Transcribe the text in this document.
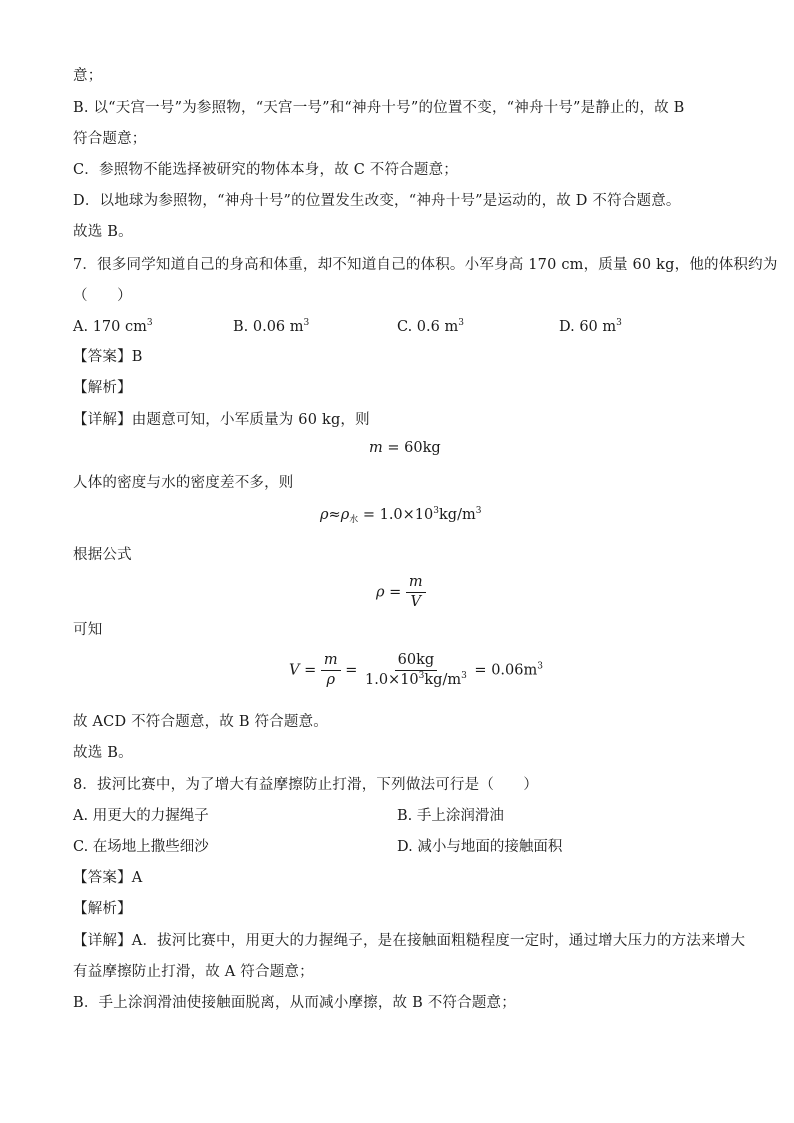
意；
B. 以“天宫一号”为参照物，“天宫一号”和“神舟十号”的位置不变，“神舟十号”是静止的，故 B
符合题意；
C．参照物不能选择被研究的物体本身，故 C 不符合题意；
D．以地球为参照物，“神舟十号”的位置发生改变，“神舟十号”是运动的，故 D 不符合题意。
故选 B。
7．很多同学知道自己的身高和体重，却不知道自己的体积。小军身高 170 cm，质量 60 kg，他的体积约为
（　　）
A. 170 $cm^3$	B. 0.06 $m^3$	C. 0.6 $m^3$	D. 60 $m^3$
【答案】B
【解析】
【详解】由题意可知，小军质量为 60 kg，则
m = 60kg
人体的密度与水的密度差不多，则
$\rho\approx\rho_水 = 1.0\times 10^3kg/m^3$
根据公式
$\rho = \frac{m}{V}$
可知
$V = \frac{m}{\rho} = \frac{60kg}{1.0\times 10^3kg/m^3} = 0.06m^3$
故 ACD 不符合题意，故 B 符合题意。
故选 B。
8．拔河比赛中，为了增大有益摩擦防止打滑，下列做法可行是（　　）
A. 用更大的力握绳子	B. 手上涂润滑油
C. 在场地上撒些细沙	D. 减小与地面的接触面积
【答案】A
【解析】
【详解】A．拔河比赛中，用更大的力握绳子，是在接触面粗糙程度一定时，通过增大压力的方法来增大
有益摩擦防止打滑，故 A 符合题意；
B．手上涂润滑油使接触面脱离，从而减小摩擦，故 B 不符合题意；
